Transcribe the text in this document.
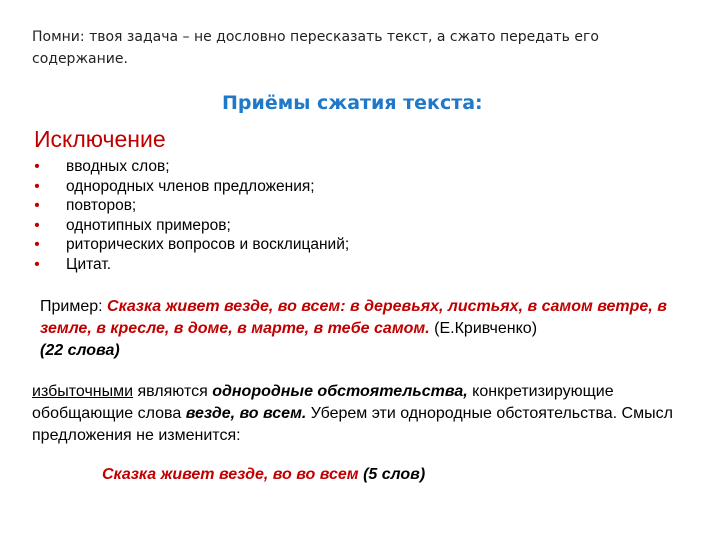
Помни: твоя задача – не дословно пересказать текст, а сжато передать его содержание.
Приёмы сжатия текста:
Исключение
• вводных слов;
• однородных членов предложения;
• повторов;
• однотипных примеров;
• риторических вопросов и восклицаний;
• Цитат.
Пример: Сказка живет везде, во всем: в деревьях, листьях, в самом ветре, в земле, в кресле, в доме, в марте, в тебе самом. (Е.Кривченко)
(22 слова)
избыточными являются однородные обстоятельства, конкретизирующие обобщающие слова везде, во всем. Уберем эти однородные обстоятельства. Смысл предложения не изменится:
Сказка живет везде, во во всем (5 слов)
